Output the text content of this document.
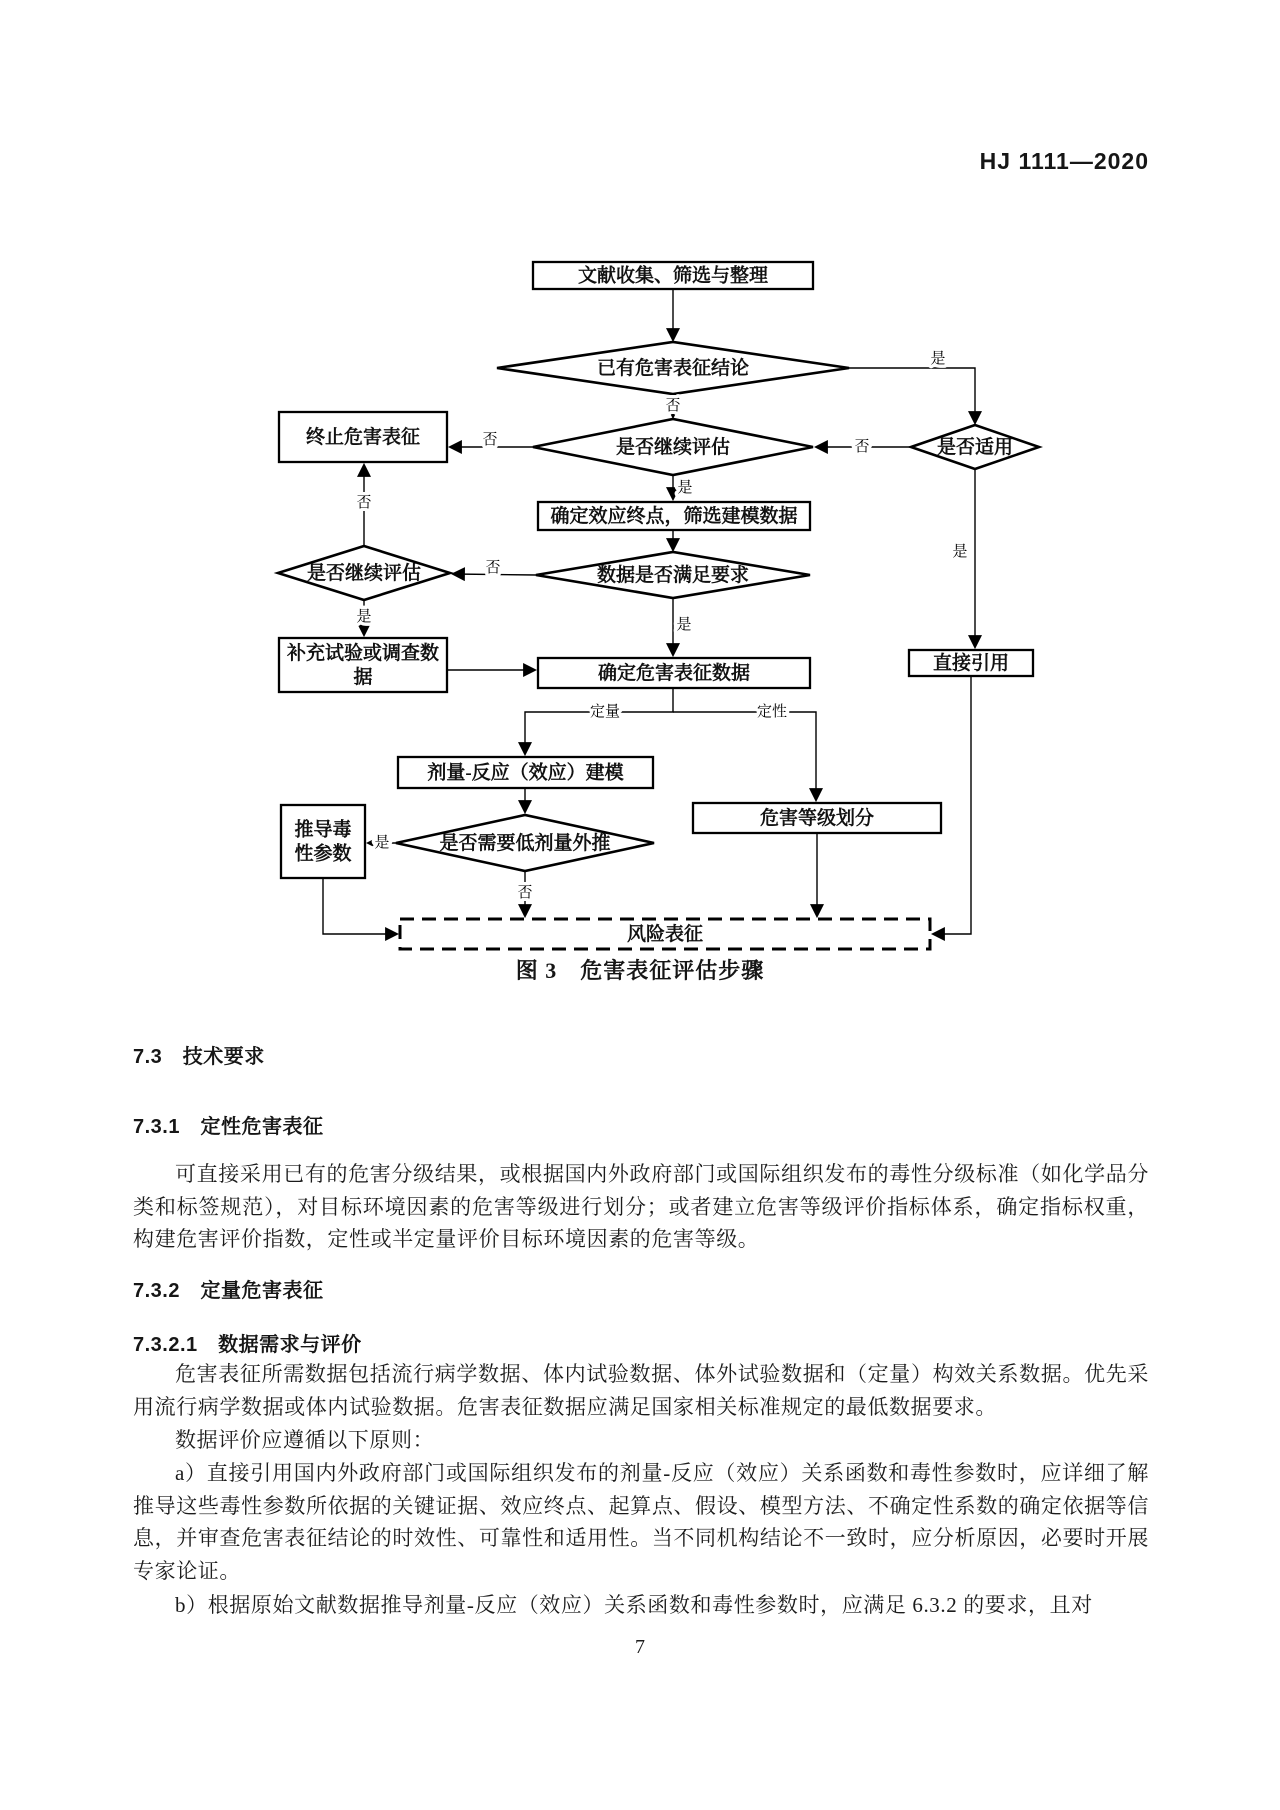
HJ 1111—2020
文献收集、筛选与整理
已有危害表征结论
是否适用
是否继续评估
终止危害表征
确定效应终点，筛选建模数据
数据是否满足要求
是否继续评估
补充试验或调查数据	确定危害表征数据	直接引用
剂量-反应（效应）建模
危害等级划分
是否需要低剂量外推
推导毒性参数
风险表征
是
否
否
是
否
是
否
否
是	是
定量	定性
是
否
图 3　危害表征评估步骤
7.3　技术要求
7.3.1　定性危害表征
可直接采用已有的危害分级结果，或根据国内外政府部门或国际组织发布的毒性分级标准（如化学品分类和标签规范），对目标环境因素的危害等级进行划分；或者建立危害等级评价指标体系，确定指标权重，构建危害评价指数，定性或半定量评价目标环境因素的危害等级。
7.3.2　定量危害表征
7.3.2.1　数据需求与评价
危害表征所需数据包括流行病学数据、体内试验数据、体外试验数据和（定量）构效关系数据。优先采用流行病学数据或体内试验数据。危害表征数据应满足国家相关标准规定的最低数据要求。
数据评价应遵循以下原则：
a）直接引用国内外政府部门或国际组织发布的剂量-反应（效应）关系函数和毒性参数时，应详细了解推导这些毒性参数所依据的关键证据、效应终点、起算点、假设、模型方法、不确定性系数的确定依据等信息，并审查危害表征结论的时效性、可靠性和适用性。当不同机构结论不一致时，应分析原因，必要时开展专家论证。
b）根据原始文献数据推导剂量-反应（效应）关系函数和毒性参数时，应满足 6.3.2 的要求，且对
7
